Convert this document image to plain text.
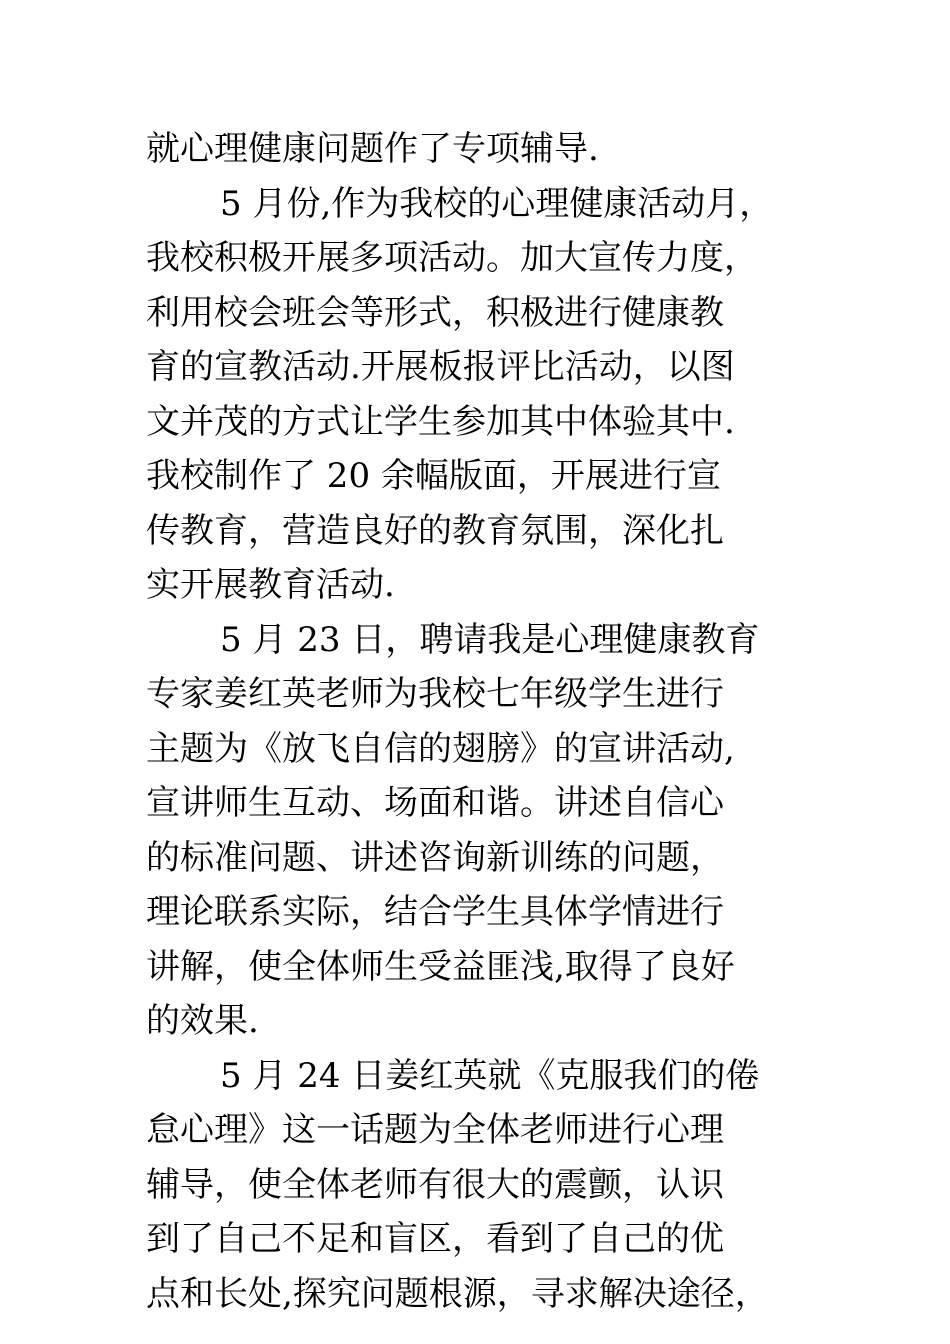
就心理健康问题作了专项辅导.
5 月份,作为我校的心理健康活动月，
我校积极开展多项活动。加大宣传力度，
利用校会班会等形式，积极进行健康教
育的宣教活动.开展板报评比活动，以图
文并茂的方式让学生参加其中体验其中.
我校制作了 20 余幅版面，开展进行宣
传教育，营造良好的教育氛围，深化扎
实开展教育活动.
5 月 23 日，聘请我是心理健康教育
专家姜红英老师为我校七年级学生进行
主题为《放飞自信的翅膀》的宣讲活动,
宣讲师生互动、场面和谐。讲述自信心
的标准问题、讲述咨询新训练的问题，
理论联系实际，结合学生具体学情进行
讲解，使全体师生受益匪浅,取得了良好
的效果.
5 月 24 日姜红英就《克服我们的倦
怠心理》这一话题为全体老师进行心理
辅导，使全体老师有很大的震颤，认识
到了自己不足和盲区，看到了自己的优
点和长处,探究问题根源，寻求解决途径，
